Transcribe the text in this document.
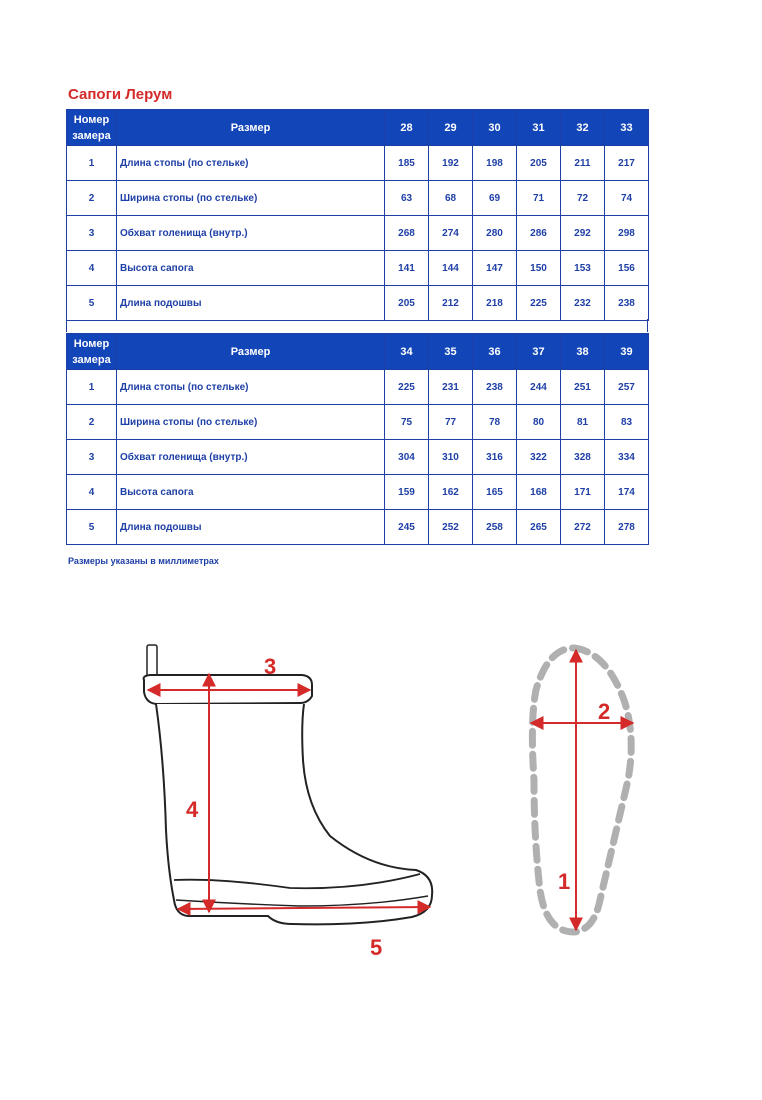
Сапоги Лерум
Номер
замера	Размер	28	29	30	31	32	33
1	Длина стопы (по стельке)	185	192	198	205	211	217
2	Ширина стопы (по стельке)	63	68	69	71	72	74
3	Обхват голенища (внутр.)	268	274	280	286	292	298
4	Высота сапога	141	144	147	150	153	156
5	Длина подошвы	205	212	218	225	232	238
Номер
замера	Размер	34	35	36	37	38	39
1	Длина стопы (по стельке)	225	231	238	244	251	257
2	Ширина стопы (по стельке)	75	77	78	80	81	83
3	Обхват голенища (внутр.)	304	310	316	322	328	334
4	Высота сапога	159	162	165	168	171	174
5	Длина подошвы	245	252	258	265	272	278
Размеры указаны в миллиметрах
3
4
5
1
2
